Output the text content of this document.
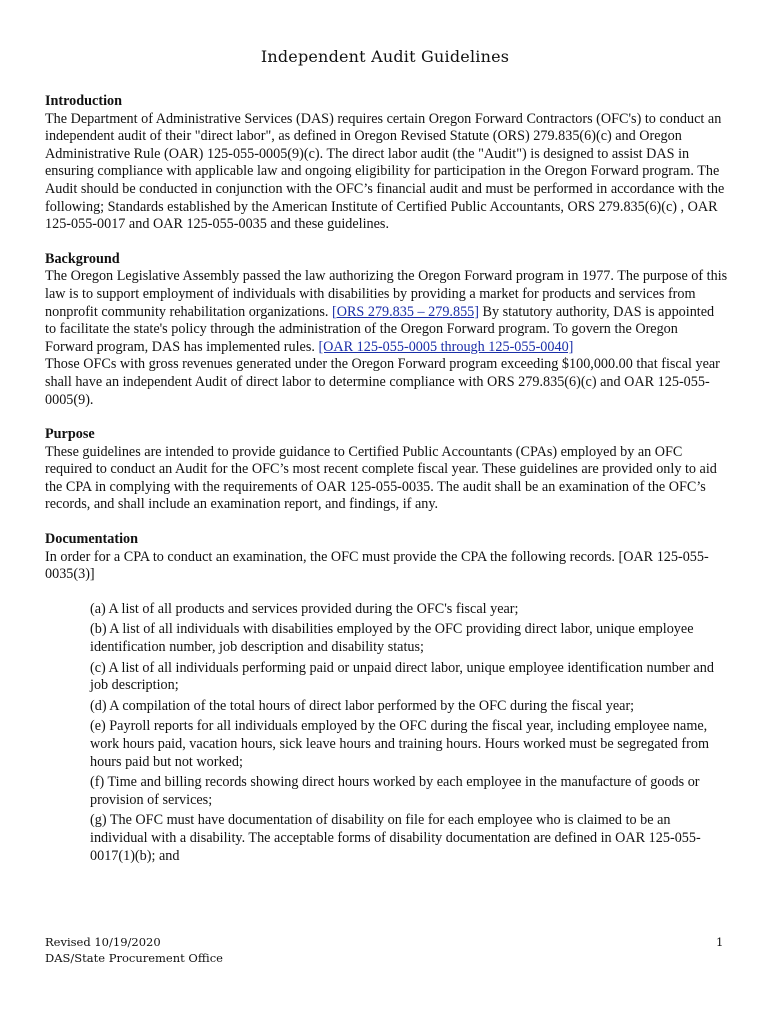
Independent Audit Guidelines
Introduction

The Department of Administrative Services (DAS) requires certain Oregon Forward Contractors (OFC's) to conduct an independent audit of their "direct labor", as defined in Oregon Revised Statute (ORS) 279.835(6)(c) and Oregon Administrative Rule (OAR) 125-055-0005(9)(c). The direct labor audit (the "Audit") is designed to assist DAS in ensuring compliance with applicable law and ongoing eligibility for participation in the Oregon Forward program. The Audit should be conducted in conjunction with the OFC’s financial audit and must be performed in accordance with the following; Standards established by the American Institute of Certified Public Accountants, ORS 279.835(6)(c) , OAR 125-055-0017 and OAR 125-055-0035 and these guidelines.

Background

The Oregon Legislative Assembly passed the law authorizing the Oregon Forward program in 1977. The purpose of this law is to support employment of individuals with disabilities by providing a market for products and services from nonprofit community rehabilitation organizations. [ORS 279.835 – 279.855] By statutory authority, DAS is appointed to facilitate the state's policy through the administration of the Oregon Forward program. To govern the Oregon Forward program, DAS has implemented rules. [OAR 125-055-0005 through 125-055-0040]

Those OFCs with gross revenues generated under the Oregon Forward program exceeding $100,000.00 that fiscal year shall have an independent Audit of direct labor to determine compliance with ORS 279.835(6)(c) and OAR 125-055-0005(9).

Purpose

These guidelines are intended to provide guidance to Certified Public Accountants (CPAs) employed by an OFC required to conduct an Audit for the OFC’s most recent complete fiscal year. These guidelines are provided only to aid the CPA in complying with the requirements of OAR 125-055-0035. The audit shall be an examination of the OFC’s records, and shall include an examination report, and findings, if any.

Documentation

In order for a CPA to conduct an examination, the OFC must provide the CPA the following records. [OAR 125-055-0035(3)]

(a) A list of all products and services provided during the OFC's fiscal year;
(b) A list of all individuals with disabilities employed by the OFC providing direct labor, unique employee identification number, job description and disability status;
(c) A list of all individuals performing paid or unpaid direct labor, unique employee identification number and job description;
(d) A compilation of the total hours of direct labor performed by the OFC during the fiscal year;
(e) Payroll reports for all individuals employed by the OFC during the fiscal year, including employee name, work hours paid, vacation hours, sick leave hours and training hours. Hours worked must be segregated from hours paid but not worked;
(f) Time and billing records showing direct hours worked by each employee in the manufacture of goods or provision of services;
(g) The OFC must have documentation of disability on file for each employee who is claimed to be an individual with a disability. The acceptable forms of disability documentation are defined in OAR 125-055-0017(1)(b); and
Revised 10/19/2020
DAS/State Procurement Office
1
